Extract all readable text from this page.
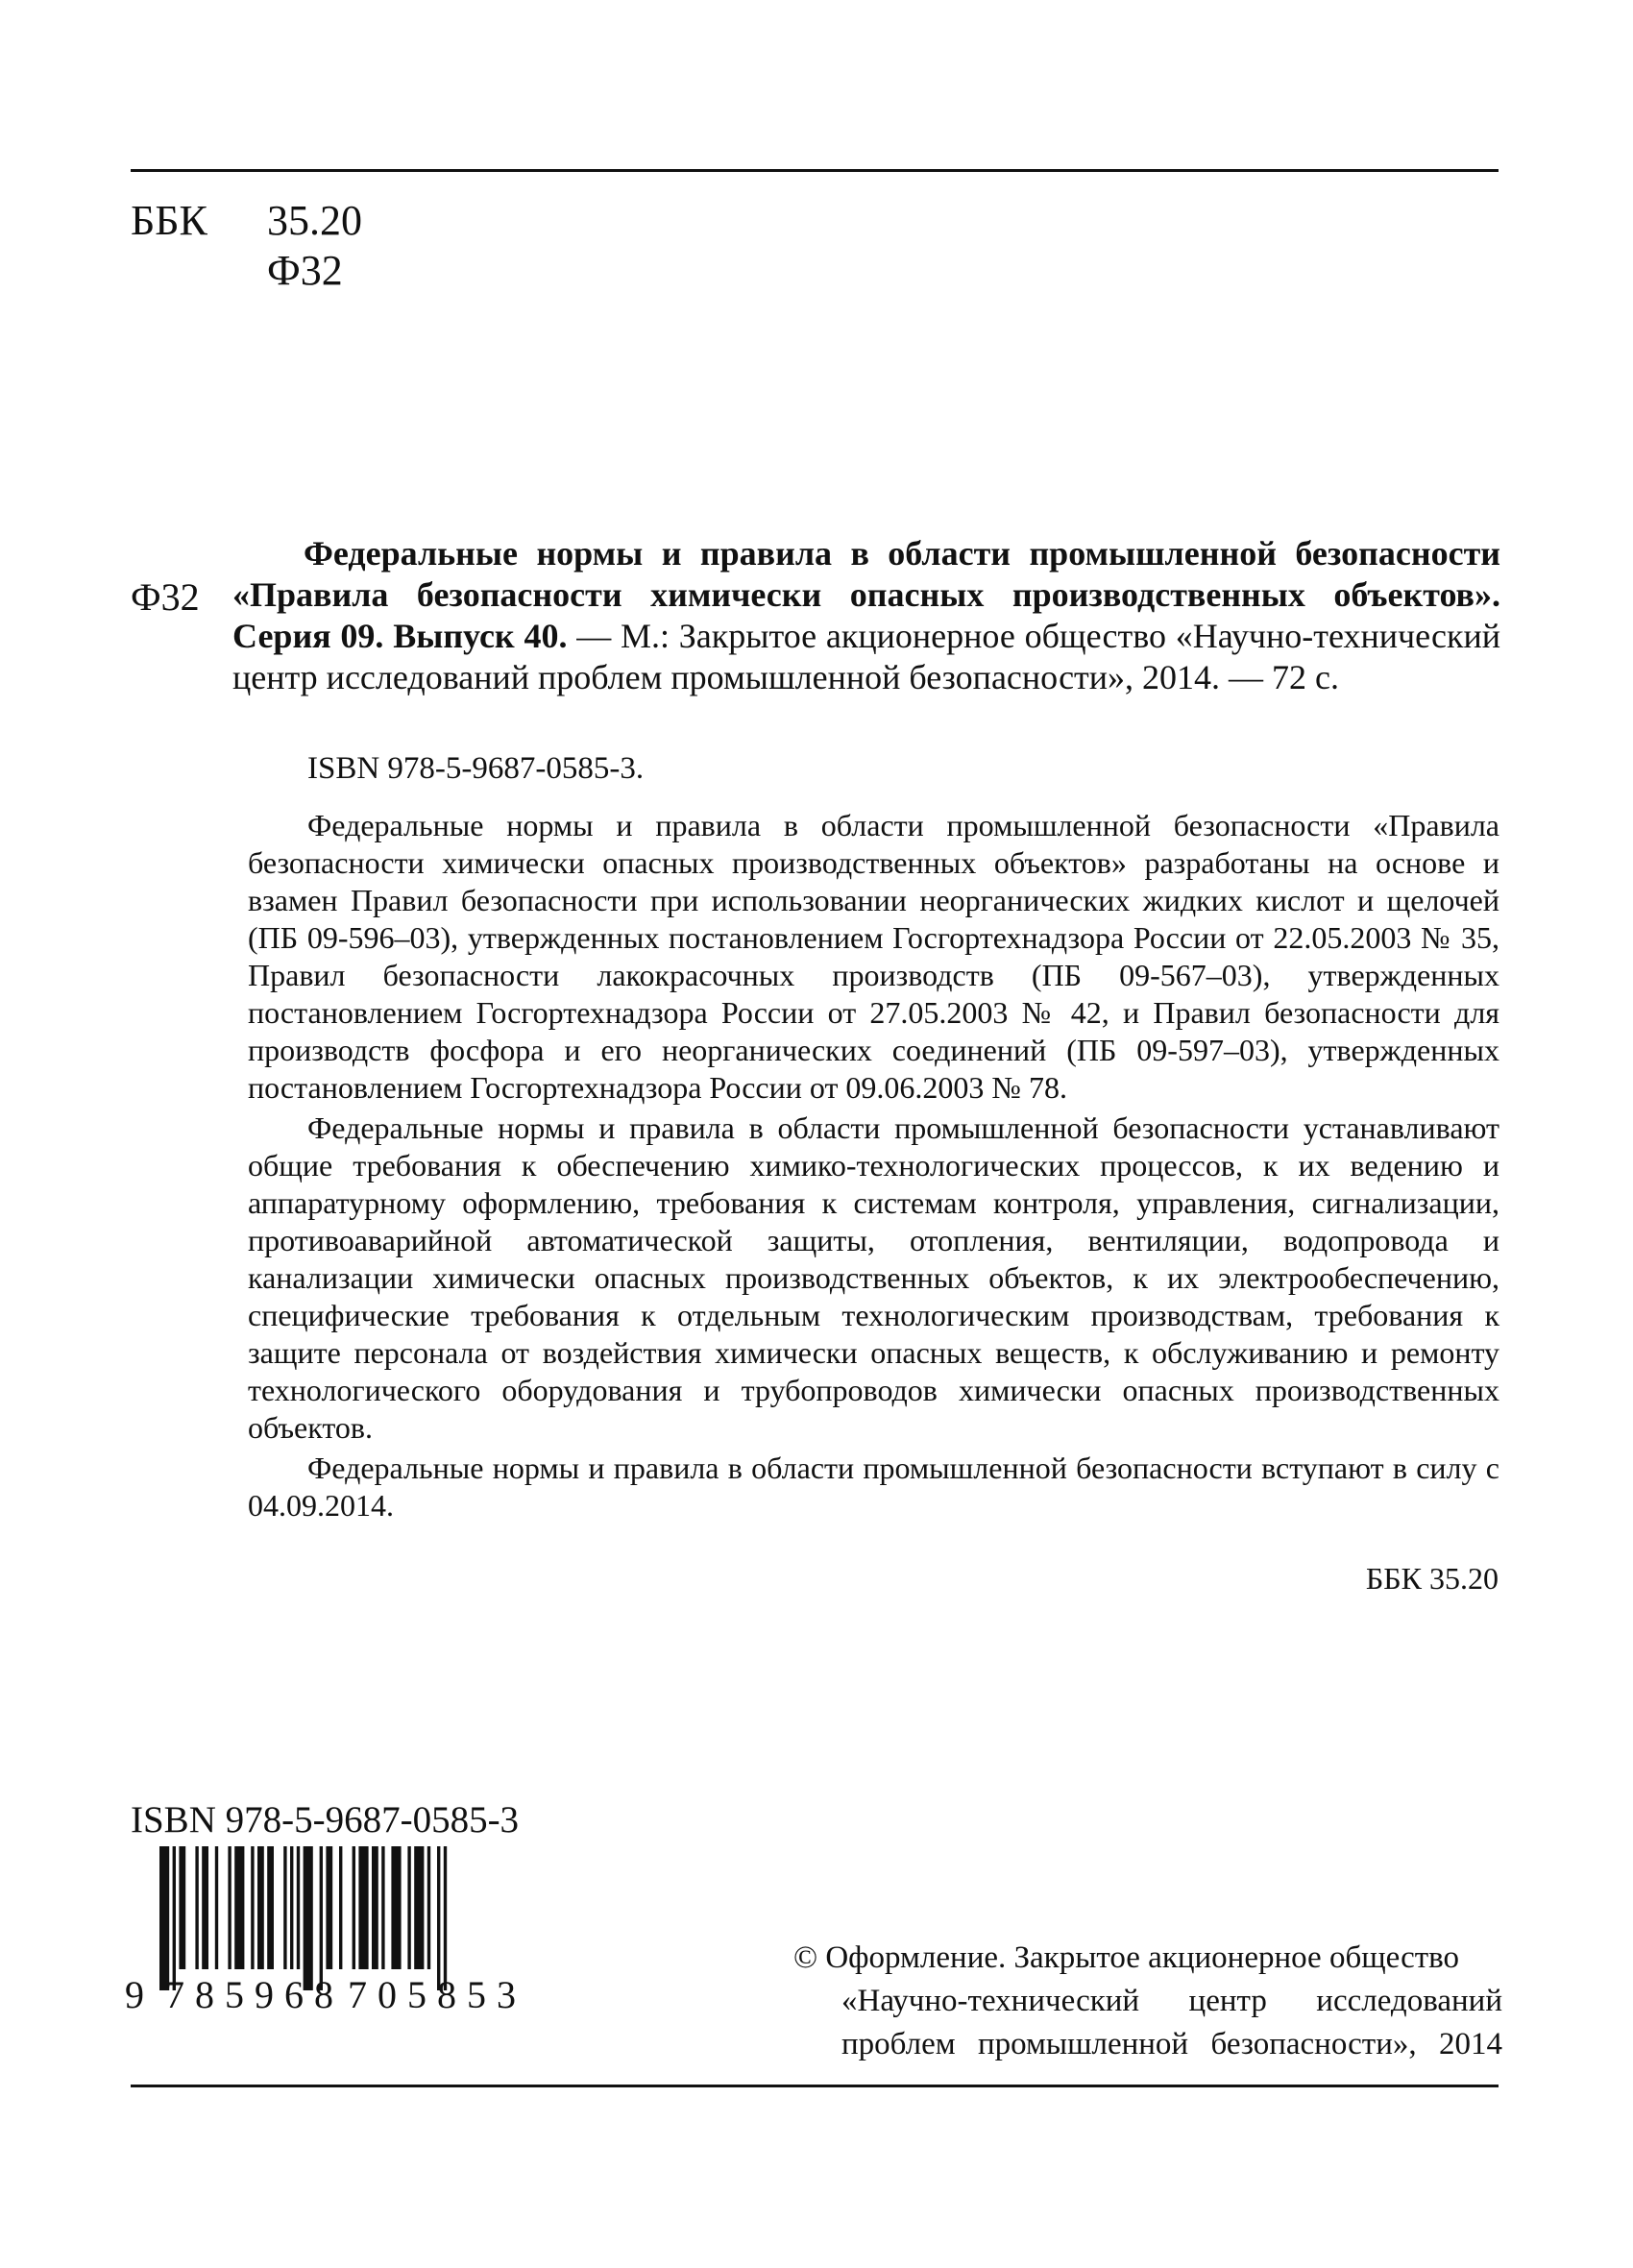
ББК 35.20
Ф32
Ф32

Федеральные нормы и правила в области промышленной безопасности «Правила безопасности химически опасных производственных объектов». Серия 09. Выпуск 40. — М.: Закрытое акционерное общество «Научно-технический центр исследований проблем промышленной безопасности», 2014. — 72 с.

ISBN 978-5-9687-0585-3.

Федеральные нормы и правила в области промышленной безопасности «Правила безопасности химически опасных производственных объектов» разработаны на основе и взамен Правил безопасности при использовании неорганических жидких кислот и щелочей (ПБ 09-596–03), утвержденных постановлением Госгортехнадзора России от 22.05.2003 № 35, Правил безопасности лакокрасочных производств (ПБ 09-567–03), утвержденных постановлением Госгортехнадзора России от 27.05.2003 № 42, и Правил безопасности для производств фосфора и его неорганических соединений (ПБ 09-597–03), утвержденных постановлением Госгортехнадзора России от 09.06.2003 № 78.

Федеральные нормы и правила в области промышленной безопасности устанавливают общие требования к обеспечению химико-технологических процессов, к их ведению и аппаратурному оформлению, требования к системам контроля, управления, сигнализации, противоаварийной автоматической защиты, отопления, вентиляции, водопровода и канализации химически опасных производственных объектов, к их электрообеспечению, специфические требования к отдельным технологическим производствам, требования к защите персонала от воздействия химически опасных веществ, к обслуживанию и ремонту технологического оборудования и трубопроводов химически опасных производственных объектов.

Федеральные нормы и правила в области промышленной безопасности вступают в силу с 04.09.2014.

ББК 35.20
ISBN 978-5-9687-0585-3
9 7 8 5 9 6 8 7 0 5 8 5 3
© Оформление. Закрытое акционерное общество
«Научно-технический центр исследований
проблем промышленной безопасности», 2014
